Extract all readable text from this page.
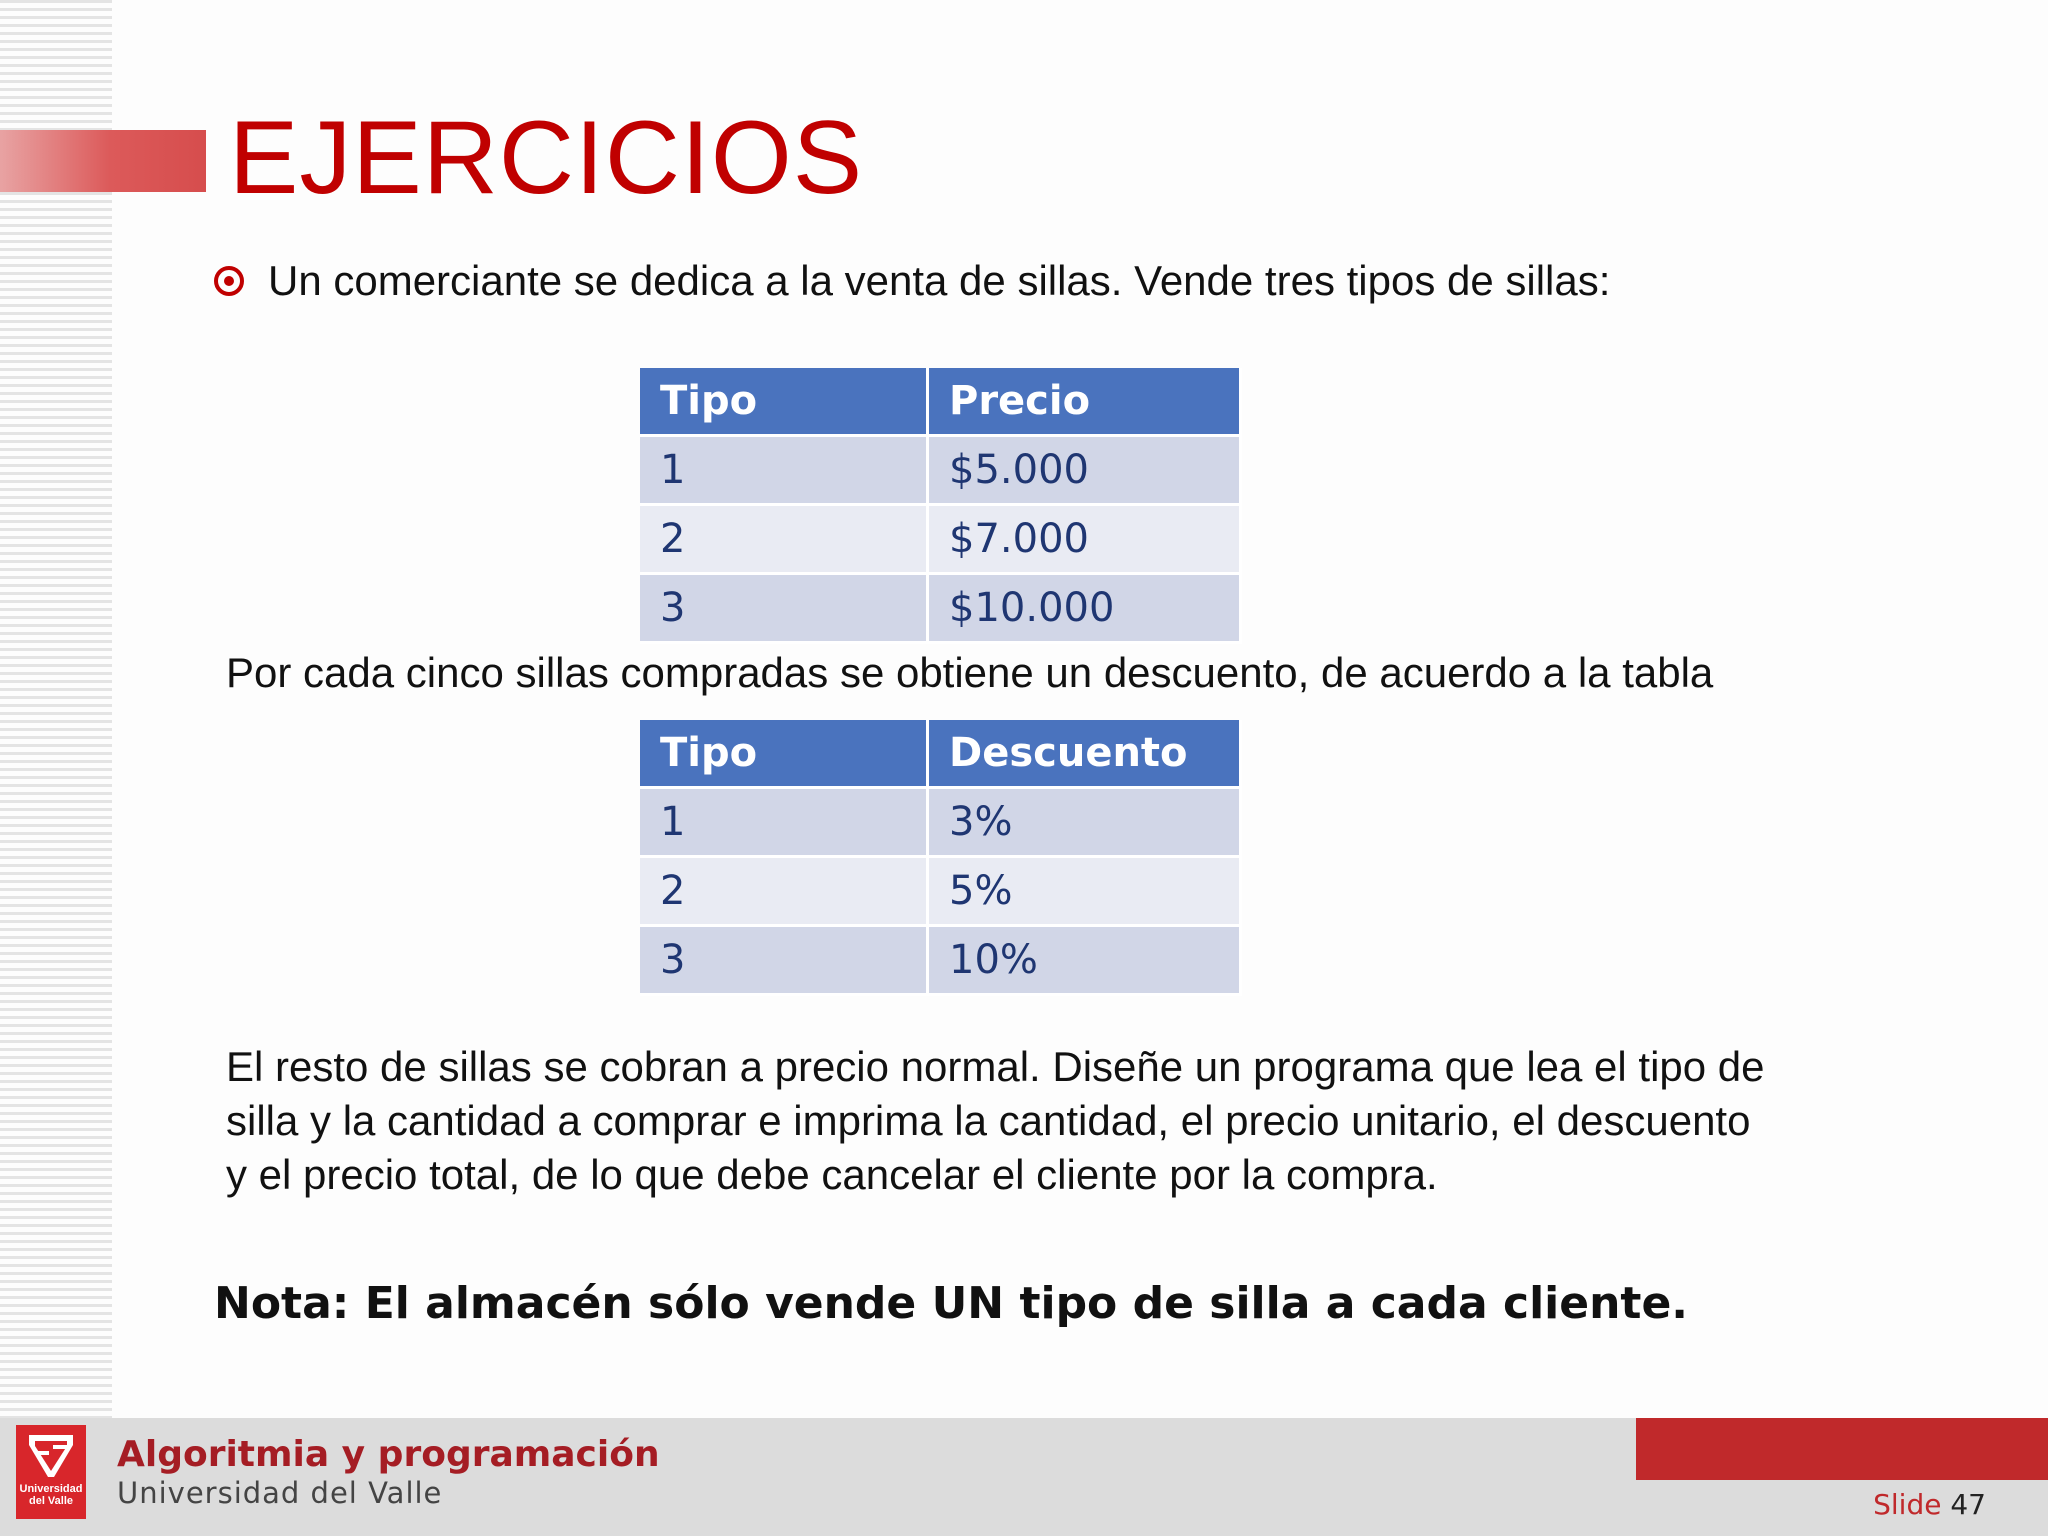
EJERCICIOS
Un comerciante se dedica a la venta de sillas. Vende tres tipos de sillas:
Tipo	Precio
1	$5.000
2	$7.000
3	$10.000

Por cada cinco sillas compradas se obtiene un descuento, de acuerdo a la tabla

Tipo	Descuento
1	3%
2	5%
3	10%

El resto de sillas se cobran a precio normal. Diseñe un programa que lea el tipo de

silla y la cantidad a comprar e imprima la cantidad, el precio unitario, el descuento

y el precio total, de lo que debe cancelar el cliente por la compra.

Nota: El almacén sólo vende UN tipo de silla a cada cliente.

Universidad
del Valle
Algoritmia y programación
Universidad del Valle	Slide 47
